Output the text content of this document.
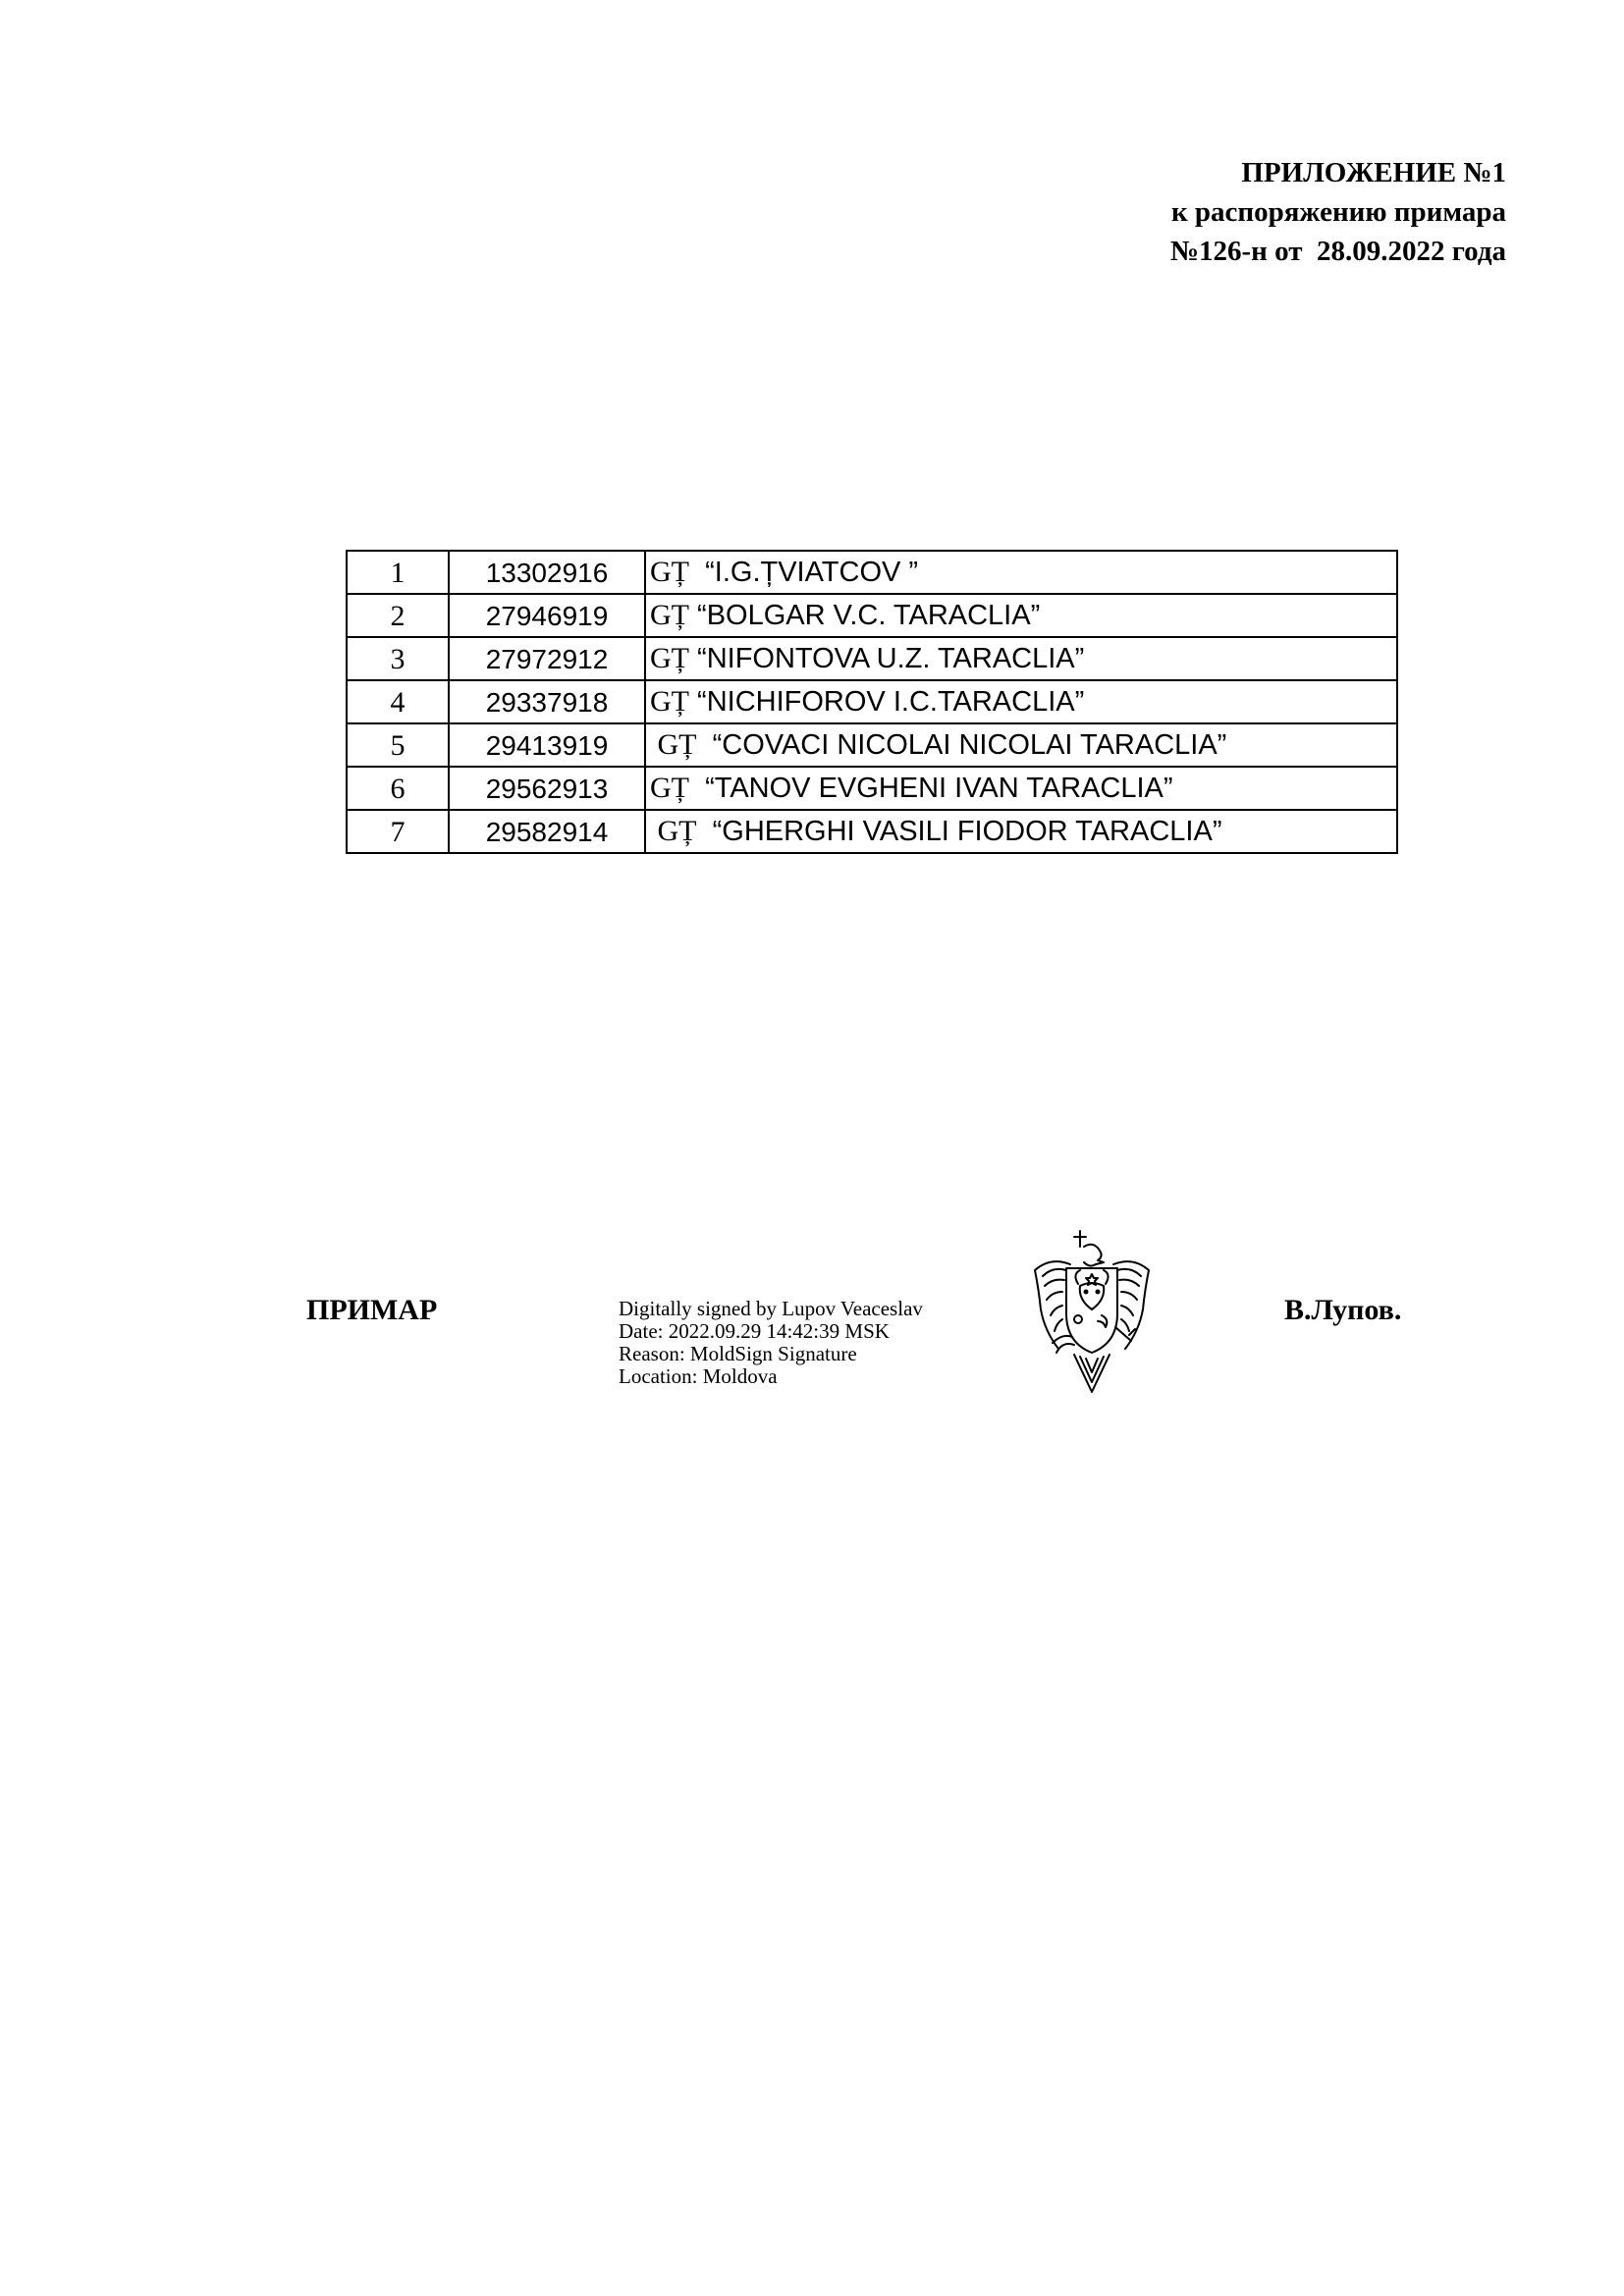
ПРИЛОЖЕНИЕ №1
к распоряжению примара
№126-н от  28.09.2022 года
1	13302916	GȚ  “I.G.ȚVIATCOV ”
2	27946919	GȚ “BOLGAR V.C. TARACLIA”
3	27972912	GȚ “NIFONTOVA U.Z. TARACLIA”
4	29337918	GȚ “NICHIFOROV I.C.TARACLIA”
5	29413919	GȚ  “COVACI NICOLAI NICOLAI TARACLIA”
6	29562913	GȚ  “TANOV EVGHENI IVAN TARACLIA”
7	29582914	GȚ  “GHERGHI VASILI FIODOR TARACLIA”
ПРИМАР	Digitally signed by Lupov Veaceslav
Date: 2022.09.29 14:42:39 MSK
Reason: MoldSign Signature
Location: Moldova
В.Лупов.
